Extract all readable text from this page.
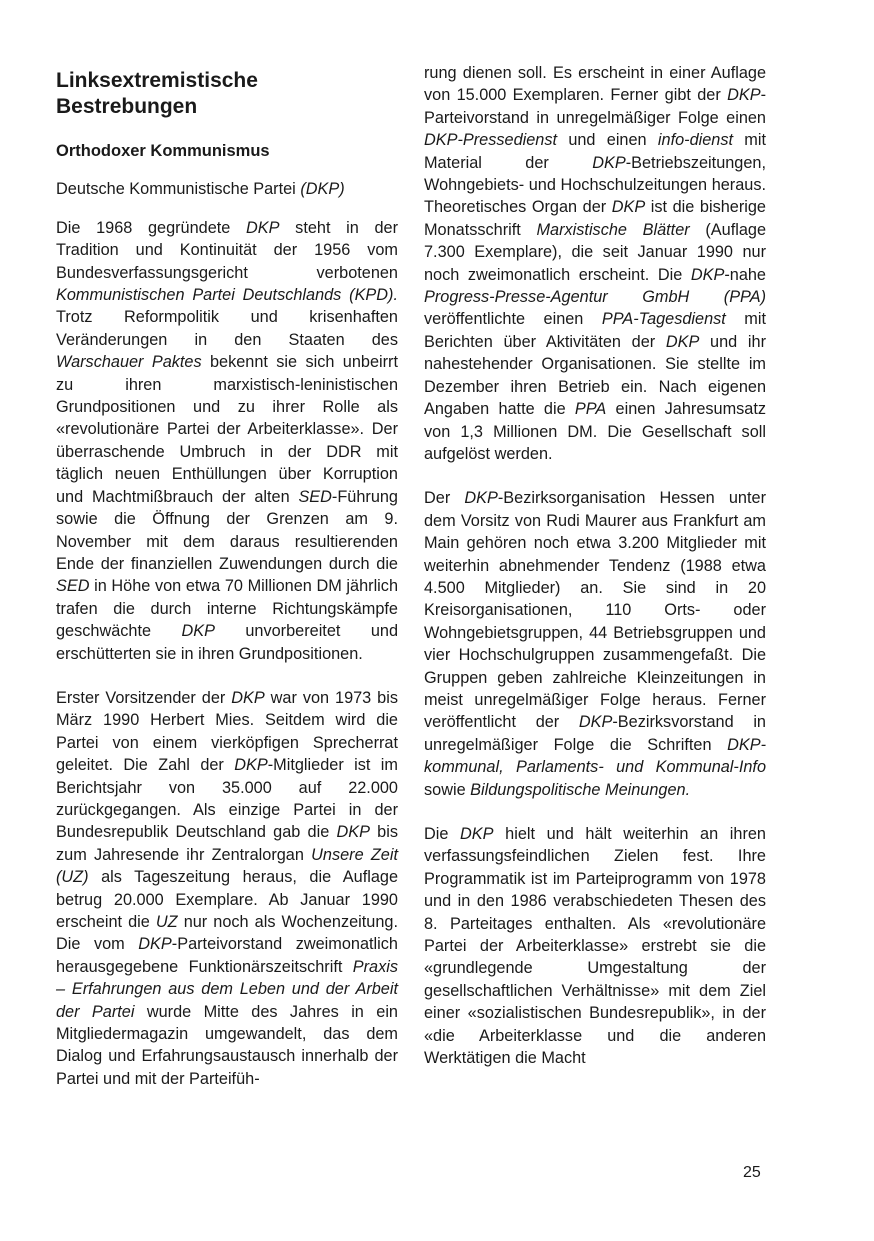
Linksextremistische Bestrebungen
Orthodoxer Kommunismus
Deutsche Kommunistische Partei (DKP)

Die 1968 gegründete DKP steht in der Tradition und Kontinuität der 1956 vom Bundesverfassungsgericht verbotenen Kommunistischen Partei Deutschlands (KPD). Trotz Reformpolitik und krisenhaften Veränderungen in den Staaten des Warschauer Paktes bekennt sie sich unbeirrt zu ihren marxistisch-leninistischen Grundpositionen und zu ihrer Rolle als «revolutionäre Partei der Arbeiterklasse». Der überraschende Umbruch in der DDR mit täglich neuen Enthüllungen über Korruption und Machtmißbrauch der alten SED-Führung sowie die Öffnung der Grenzen am 9. November mit dem daraus resultierenden Ende der finanziellen Zuwendungen durch die SED in Höhe von etwa 70 Millionen DM jährlich trafen die durch interne Richtungskämpfe geschwächte DKP unvorbereitet und erschütterten sie in ihren Grundpositionen.

Erster Vorsitzender der DKP war von 1973 bis März 1990 Herbert Mies. Seitdem wird die Partei von einem vierköpfigen Sprecherrat geleitet. Die Zahl der DKP-Mitglieder ist im Berichtsjahr von 35.000 auf 22.000 zurückgegangen. Als einzige Partei in der Bundesrepublik Deutschland gab die DKP bis zum Jahresende ihr Zentralorgan Unsere Zeit (UZ) als Tageszeitung heraus, die Auflage betrug 20.000 Exemplare. Ab Januar 1990 erscheint die UZ nur noch als Wochenzeitung. Die vom DKP-Parteivorstand zweimonatlich herausgegebene Funktionärszeitschrift Praxis – Erfahrungen aus dem Leben und der Arbeit der Partei wurde Mitte des Jahres in ein Mitgliedermagazin umgewandelt, das dem Dialog und Erfahrungsaustausch innerhalb der Partei und mit der Parteifüh-

rung dienen soll. Es erscheint in einer Auflage von 15.000 Exemplaren. Ferner gibt der DKP-Parteivorstand in unregelmäßiger Folge einen DKP-Pressedienst und einen info-dienst mit Material der DKP-Betriebszeitungen, Wohngebiets- und Hochschulzeitungen heraus. Theoretisches Organ der DKP ist die bisherige Monatsschrift Marxistische Blätter (Auflage 7.300 Exemplare), die seit Januar 1990 nur noch zweimonatlich erscheint. Die DKP-nahe Progress-Presse-Agentur GmbH (PPA) veröffentlichte einen PPA-Tagesdienst mit Berichten über Aktivitäten der DKP und ihr nahestehender Organisationen. Sie stellte im Dezember ihren Betrieb ein. Nach eigenen Angaben hatte die PPA einen Jahresumsatz von 1,3 Millionen DM. Die Gesellschaft soll aufgelöst werden.

Der DKP-Bezirksorganisation Hessen unter dem Vorsitz von Rudi Maurer aus Frankfurt am Main gehören noch etwa 3.200 Mitglieder mit weiterhin abnehmender Tendenz (1988 etwa 4.500 Mitglieder) an. Sie sind in 20 Kreisorganisationen, 110 Orts- oder Wohngebietsgruppen, 44 Betriebsgruppen und vier Hochschulgruppen zusammengefaßt. Die Gruppen geben zahlreiche Kleinzeitungen in meist unregelmäßiger Folge heraus. Ferner veröffentlicht der DKP-Bezirksvorstand in unregelmäßiger Folge die Schriften DKP-kommunal, Parlaments- und Kommunal-Info sowie Bildungspolitische Meinungen.

Die DKP hielt und hält weiterhin an ihren verfassungsfeindlichen Zielen fest. Ihre Programmatik ist im Parteiprogramm von 1978 und in den 1986 verabschiedeten Thesen des 8. Parteitages enthalten. Als «revolutionäre Partei der Arbeiterklasse» erstrebt sie die «grundlegende Umgestaltung der gesellschaftlichen Verhältnisse» mit dem Ziel einer «sozialistischen Bundesrepublik», in der «die Arbeiterklasse und die anderen Werktätigen die Macht

25
